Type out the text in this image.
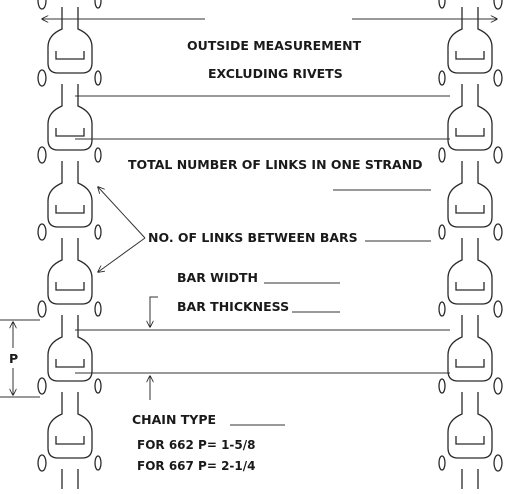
OUTSIDE MEASUREMENT
EXCLUDING RIVETS
TOTAL NUMBER OF LINKS IN ONE STRAND
NO. OF LINKS BETWEEN BARS
BAR WIDTH
BAR THICKNESS
P
CHAIN TYPE
FOR 662 P= 1-5/8
FOR 667 P= 2-1/4
